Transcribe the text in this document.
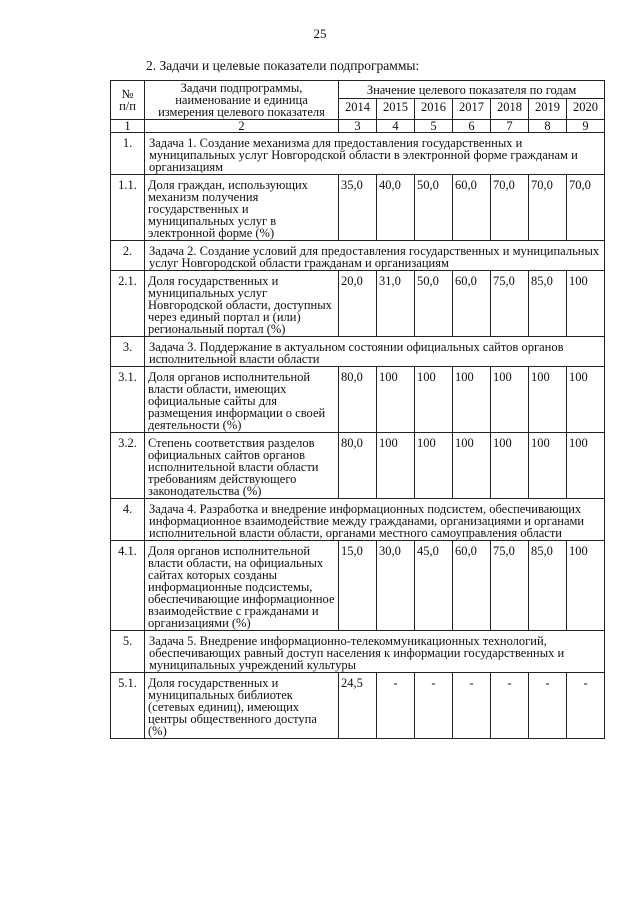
25
2. Задачи и целевые показатели подпрограммы:
№
п/п	Задачи подпрограммы, наименование и единица измерения целевого показателя	Значение целевого показателя по годам						
		2014	2015	2016	2017	2018	2019	2020
1	2	3	4	5	6	7	8	9
1.	Задача 1. Создание механизма для предоставления государственных и муниципальных услуг Новгородской области в электронной форме гражданам и организациям							
1.1.	Доля граждан, использующих механизм получения государственных и муниципальных услуг в электронной форме (%)	35,0	40,0	50,0	60,0	70,0	70,0	70,0
2.	Задача 2. Создание условий для предоставления государственных и муниципальных услуг Новгородской области гражданам и организациям							
2.1.	Доля государственных и муниципальных услуг Новгородской области, доступных через единый портал и (или) региональный портал (%)	20,0	31,0	50,0	60,0	75,0	85,0	100
3.	Задача 3. Поддержание в актуальном состоянии официальных сайтов органов исполнительной власти области							
3.1.	Доля органов исполнительной власти области, имеющих официальные сайты для размещения информации о своей деятельности (%)	80,0	100	100	100	100	100	100
3.2.	Степень соответствия разделов официальных сайтов органов исполнительной власти области требованиям действующего законодательства (%)	80,0	100	100	100	100	100	100
4.	Задача 4. Разработка и внедрение информационных подсистем, обеспечивающих информационное взаимодействие между гражданами, организациями и органами исполнительной власти области, органами местного самоуправления области							
4.1.	Доля органов исполнительной власти области, на официальных сайтах которых созданы информационные подсистемы, обеспечивающие информационное взаимодействие с гражданами и организациями (%)	15,0	30,0	45,0	60,0	75,0	85,0	100
5.	Задача 5. Внедрение информационно-телекоммуникационных технологий, обеспечивающих равный доступ населения к информации государственных и муниципальных учреждений культуры							
5.1.	Доля государственных и муниципальных библиотек (сетевых единиц), имеющих центры общественного доступа (%)	24,5	-	-	-	-	-	-
